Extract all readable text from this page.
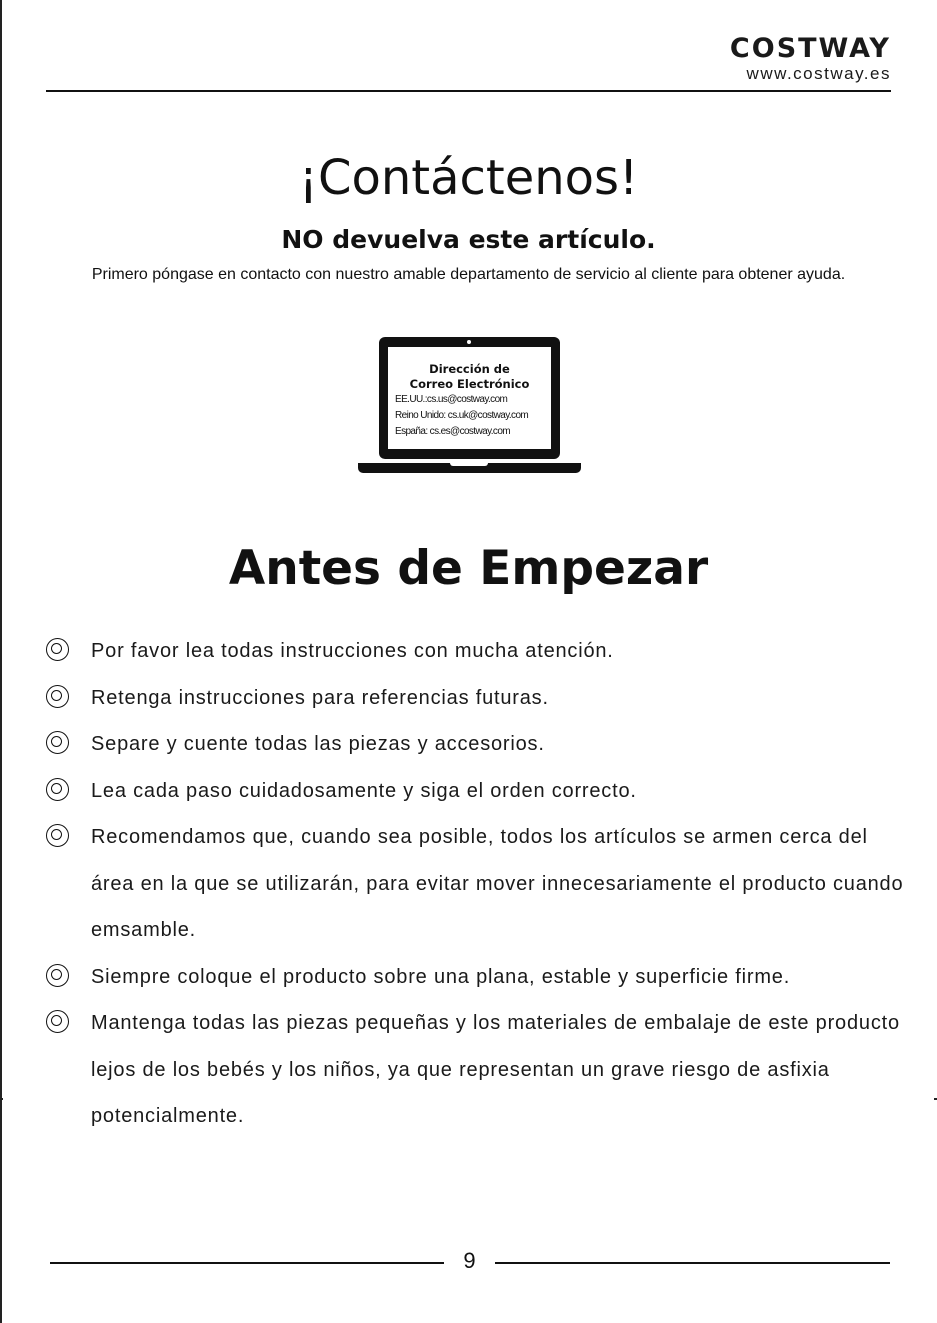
COSTWAY
www.costway.es
¡Contáctenos!
NO devuelva este artículo.
Primero póngase en contacto con nuestro amable departamento de servicio al cliente para obtener ayuda.
Dirección de
Correo Electrónico
EE.UU.:cs.us@costway.com
Reino Unido: cs.uk@costway.com
España: cs.es@costway.com
Antes de Empezar
Por favor lea todas instrucciones con mucha atención.
Retenga instrucciones para referencias futuras.
Separe y cuente todas las piezas y accesorios.
Lea cada paso cuidadosamente y siga el orden correcto.
Recomendamos que, cuando sea posible, todos los artículos se armen cerca del área en la que se utilizarán, para evitar mover innecesariamente el producto cuando emsamble.
Siempre coloque el producto sobre una plana, estable y superficie firme.
Mantenga todas las piezas pequeñas y los materiales de embalaje de este producto lejos de los bebés y los niños, ya que representan un grave riesgo de asfixia potencialmente.
9
